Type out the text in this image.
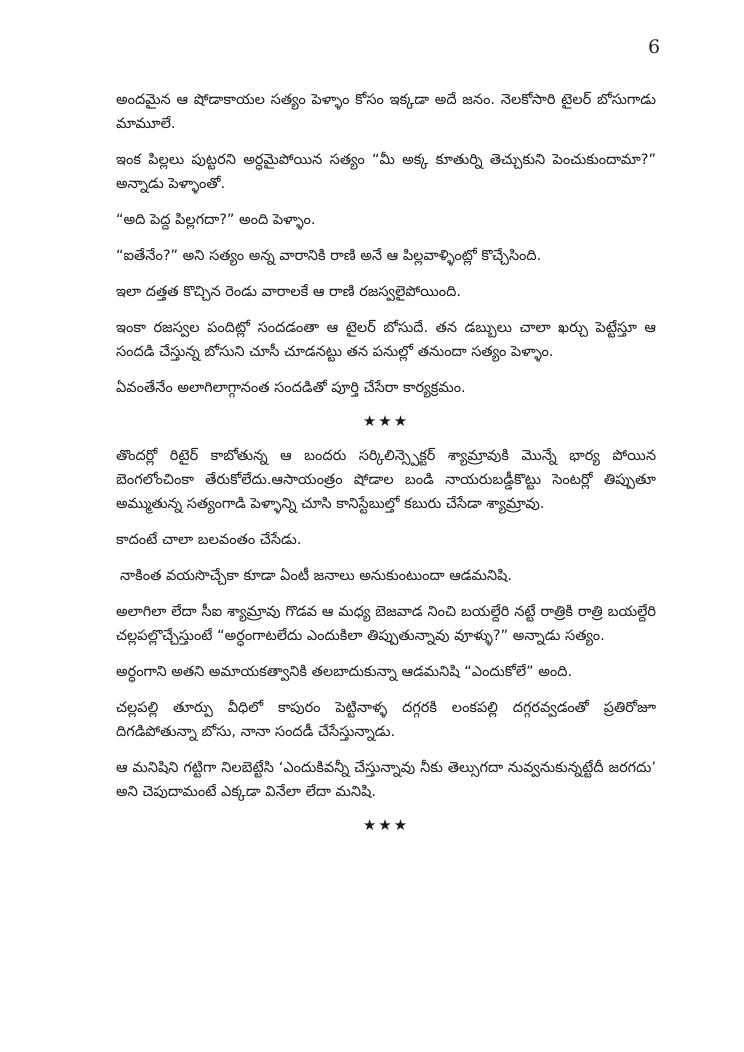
6

అందమైన ఆ షోడాకాయల సత్యం పెళ్ళాం కోసం ఇక్కడా అదే జనం. నెలకోసారి టైలర్ బోసుగాడు మామూలే.

ఇంక పిల్లలు పుట్టరని అర్ధమైపోయిన సత్యం “మీ అక్క కూతుర్ని తెచ్చుకుని పెంచుకుందామా?” అన్నాడు పెళ్ళాంతో.

“అది పెద్ద పిల్లగదా?” అంది పెళ్ళాం.

“ఐతేనేం?” అని సత్యం అన్న వారానికి రాణి అనే ఆ పిల్లవాళ్ళింట్లో కొచ్చేసింది.

ఇలా దత్తత కొచ్చిన రెండు వారాలకే ఆ రాణి రజస్వలైపోయింది.

ఇంకా రజస్వల పందిట్లో సందడంతా ఆ టైలర్ బోసుదే. తన డబ్బులు చాలా ఖర్చు పెట్టేస్తూ ఆ సందడి చేస్తున్న బోసుని చూసీ చూడనట్టు తన పనుల్లో తనుందా సత్యం పెళ్ళాం.

ఏవంతేనేం అలాగిలాగ్గానంత సందడితో పూర్తి చేసేరా కార్యక్రమం.

★★★

తొందర్లో రిటైర్ కాబోతున్న ఆ బందరు సర్కిలిన్స్పెక్టర్ శ్యామ్రావుకి మొన్నే భార్య పోయిన బెంగలోంచింకా తేరుకోలేదు.ఆసాయంత్రం షోడాల బండి నాయరుబడ్డీకొట్టు సెంటర్లో తిప్పుతూ అమ్ముతున్న సత్యంగాడి పెళ్ళాన్ని చూసి కానిస్టేబుల్తో కబురు చేసేడా శ్యామ్రావు.

కాదంటే చాలా బలవంతం చేసేడు.

నాకింత వయసొచ్చేకా కూడా ఏంటీ జనాలు అనుకుంటుందా ఆడమనిషి.

అలాగిలా లేదా సీఐ శ్యామ్రావు గొడవ ఆ మధ్య బెజవాడ నించి బయల్దేరి నట్టే రాత్రికి రాత్రి బయల్దేరి చల్లపల్లొచ్చేస్తుంటే “అర్ధంగాటలేదు ఎందుకిలా తిప్పుతున్నావు వూళ్ళు?” అన్నాడు సత్యం.

అర్ధంగాని అతని అమాయకత్వానికి తలబాదుకున్నా ఆడమనిషి “ఎందుకోలే” అంది.

చల్లపల్లి తూర్పు వీధిలో కాపురం పెట్టినాళ్ళ దగ్గరకి లంకపల్లి దగ్గరవ్వడంతో ప్రతిరోజూ దిగడిపోతున్నా బోసు, నానా సందడీ చేసేస్తున్నాడు.

ఆ మనిషిని గట్టిగా నిలబెట్టేసి ‘ఎందుకివన్నీ చేస్తున్నావు నీకు తెల్సుగదా నువ్వనుకున్నట్టేదీ జరగదు’ అని చెపుదామంటే ఎక్కడా వినేలా లేదా మనిషి.

★★★
